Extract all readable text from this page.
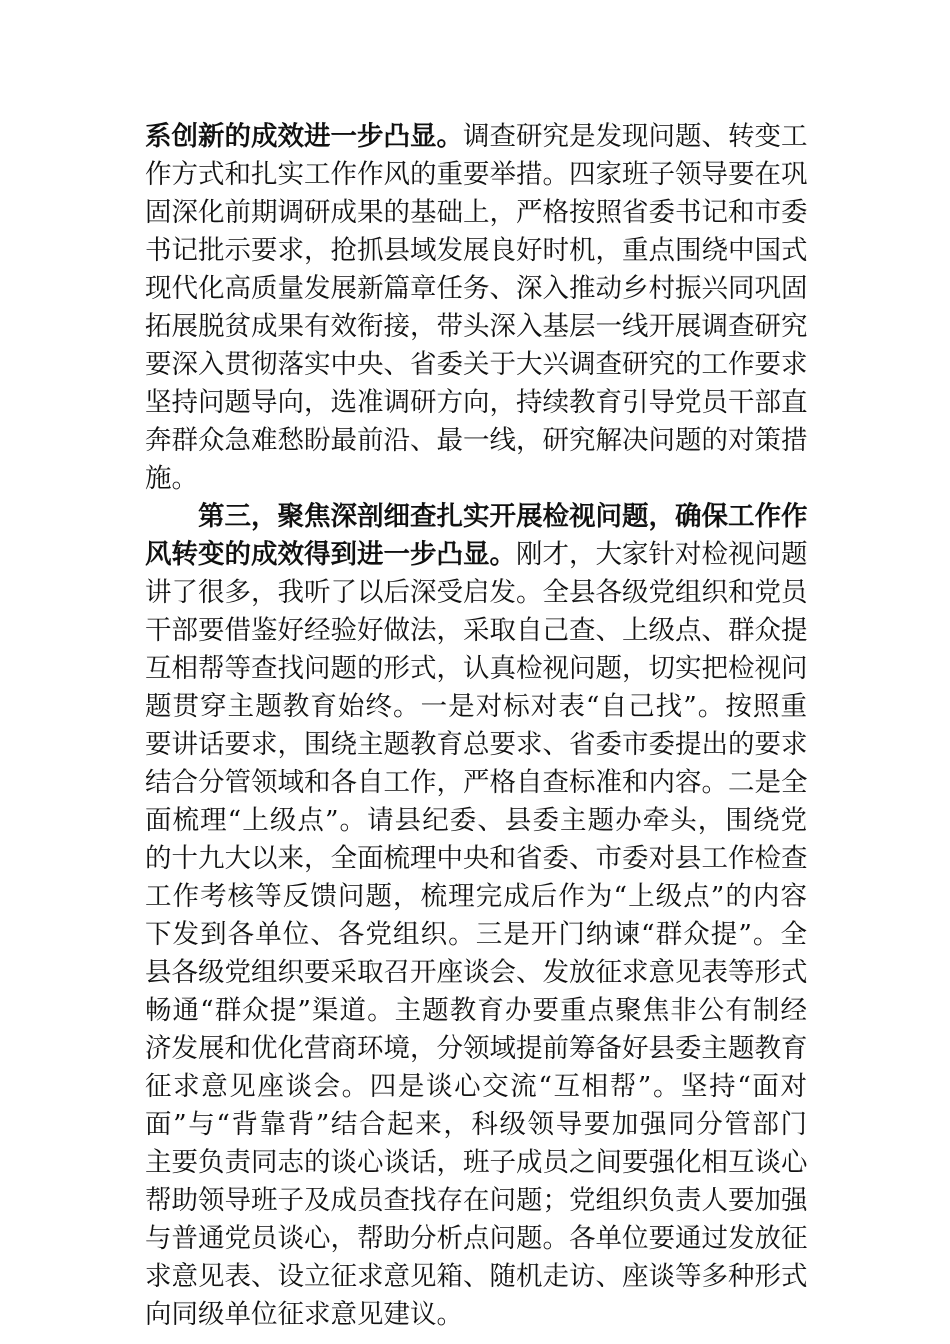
系创新的成效进一步凸显。调查研究是发现问题、转变工
作方式和扎实工作作风的重要举措。四家班子领导要在巩
固深化前期调研成果的基础上，严格按照省委书记和市委
书记批示要求，抢抓县域发展良好时机，重点围绕中国式
现代化高质量发展新篇章任务、深入推动乡村振兴同巩固
拓展脱贫成果有效衔接，带头深入基层一线开展调查研究
要深入贯彻落实中央、省委关于大兴调查研究的工作要求
坚持问题导向，选准调研方向，持续教育引导党员干部直
奔群众急难愁盼最前沿、最一线，研究解决问题的对策措
施。
第三，聚焦深剖细查扎实开展检视问题，确保工作作
风转变的成效得到进一步凸显。刚才，大家针对检视问题
讲了很多，我听了以后深受启发。全县各级党组织和党员
干部要借鉴好经验好做法，采取自己查、上级点、群众提
互相帮等查找问题的形式，认真检视问题，切实把检视问
题贯穿主题教育始终。一是对标对表“自己找”。按照重
要讲话要求，围绕主题教育总要求、省委市委提出的要求
结合分管领域和各自工作，严格自查标准和内容。二是全
面梳理“上级点”。请县纪委、县委主题办牵头，围绕党
的十九大以来，全面梳理中央和省委、市委对县工作检查
工作考核等反馈问题，梳理完成后作为“上级点”的内容
下发到各单位、各党组织。三是开门纳谏“群众提”。全
县各级党组织要采取召开座谈会、发放征求意见表等形式
畅通“群众提”渠道。主题教育办要重点聚焦非公有制经
济发展和优化营商环境，分领域提前筹备好县委主题教育
征求意见座谈会。四是谈心交流“互相帮”。坚持“面对
面”与“背靠背”结合起来，科级领导要加强同分管部门
主要负责同志的谈心谈话，班子成员之间要强化相互谈心
帮助领导班子及成员查找存在问题；党组织负责人要加强
与普通党员谈心，帮助分析点问题。各单位要通过发放征
求意见表、设立征求意见箱、随机走访、座谈等多种形式
向同级单位征求意见建议。
